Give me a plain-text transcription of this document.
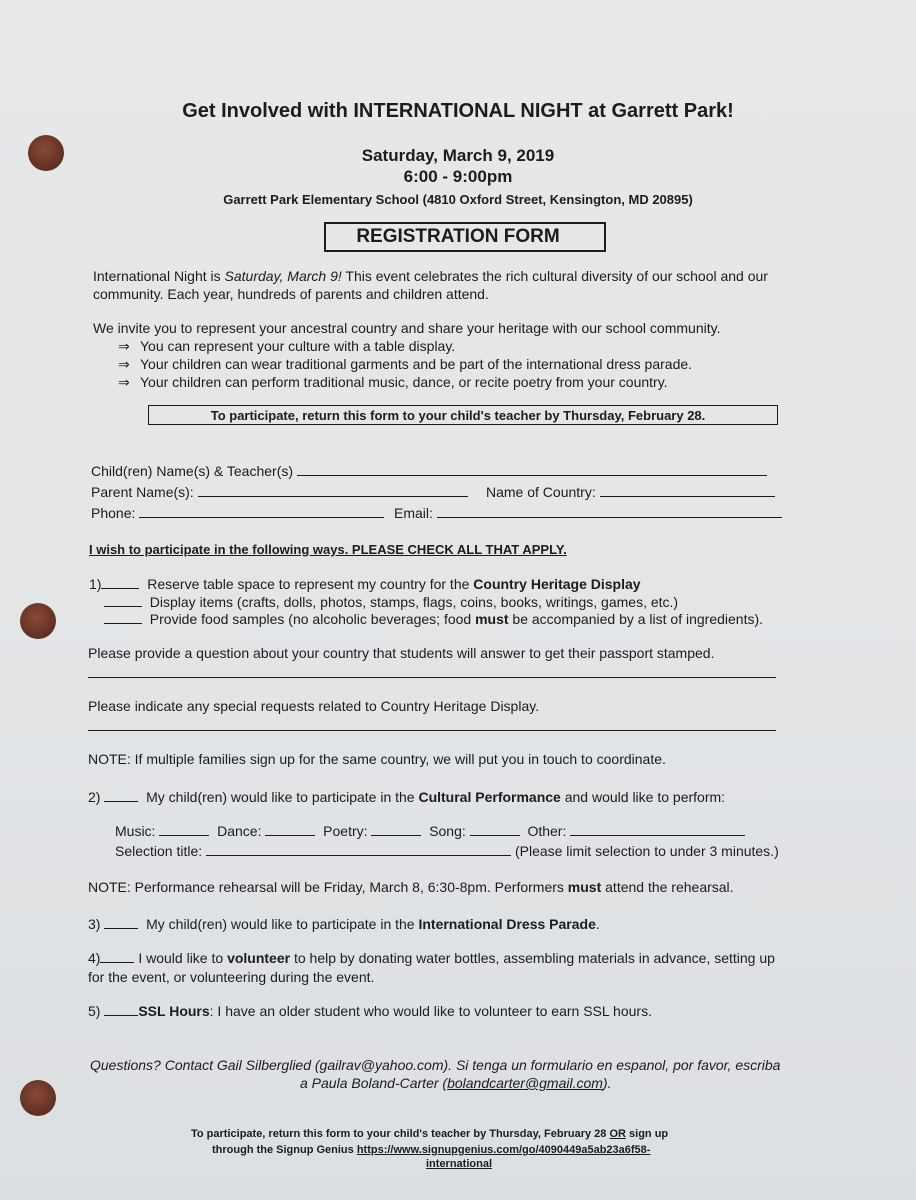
Get Involved with INTERNATIONAL NIGHT at Garrett Park!
Saturday, March 9, 2019
6:00 - 9:00pm
Garrett Park Elementary School (4810 Oxford Street, Kensington, MD 20895)
REGISTRATION FORM
International Night is Saturday, March 9! This event celebrates the rich cultural diversity of our school and our
community. Each year, hundreds of parents and children attend.
We invite you to represent your ancestral country and share your heritage with our school community.
⇒ You can represent your culture with a table display.
⇒ Your children can wear traditional garments and be part of the international dress parade.
⇒ Your children can perform traditional music, dance, or recite poetry from your country.
To participate, return this form to your child's teacher by Thursday, February 28.
Child(ren) Name(s) & Teacher(s)
Parent Name(s):	Name of Country:
Phone:	Email:
I wish to participate in the following ways. PLEASE CHECK ALL THAT APPLY.
1)	Reserve table space to represent my country for the Country Heritage Display
Display items (crafts, dolls, photos, stamps, flags, coins, books, writings, games, etc.)
Provide food samples (no alcoholic beverages; food must be accompanied by a list of ingredients).
Please provide a question about your country that students will answer to get their passport stamped.
Please indicate any special requests related to Country Heritage Display.
NOTE: If multiple families sign up for the same country, we will put you in touch to coordinate.
2)	My child(ren) would like to participate in the Cultural Performance and would like to perform:
Music:	Dance:	Poetry:	Song:	Other:
Selection title:	(Please limit selection to under 3 minutes.)
NOTE: Performance rehearsal will be Friday, March 8, 6:30-8pm. Performers must attend the rehearsal.
3)	My child(ren) would like to participate in the International Dress Parade.
4) I would like to volunteer to help by donating water bottles, assembling materials in advance, setting up
for the event, or volunteering during the event.
5)	SSL Hours: I have an older student who would like to volunteer to earn SSL hours.
Questions? Contact Gail Silberglied (gailrav@yahoo.com). Si tenga un formulario en espanol, por favor, escriba
a Paula Boland-Carter (bolandcarter@gmail.com).
To participate, return this form to your child's teacher by Thursday, February 28 OR sign up
through the Signup Genius https://www.signupgenius.com/go/4090449a5ab23a6f58-
international
